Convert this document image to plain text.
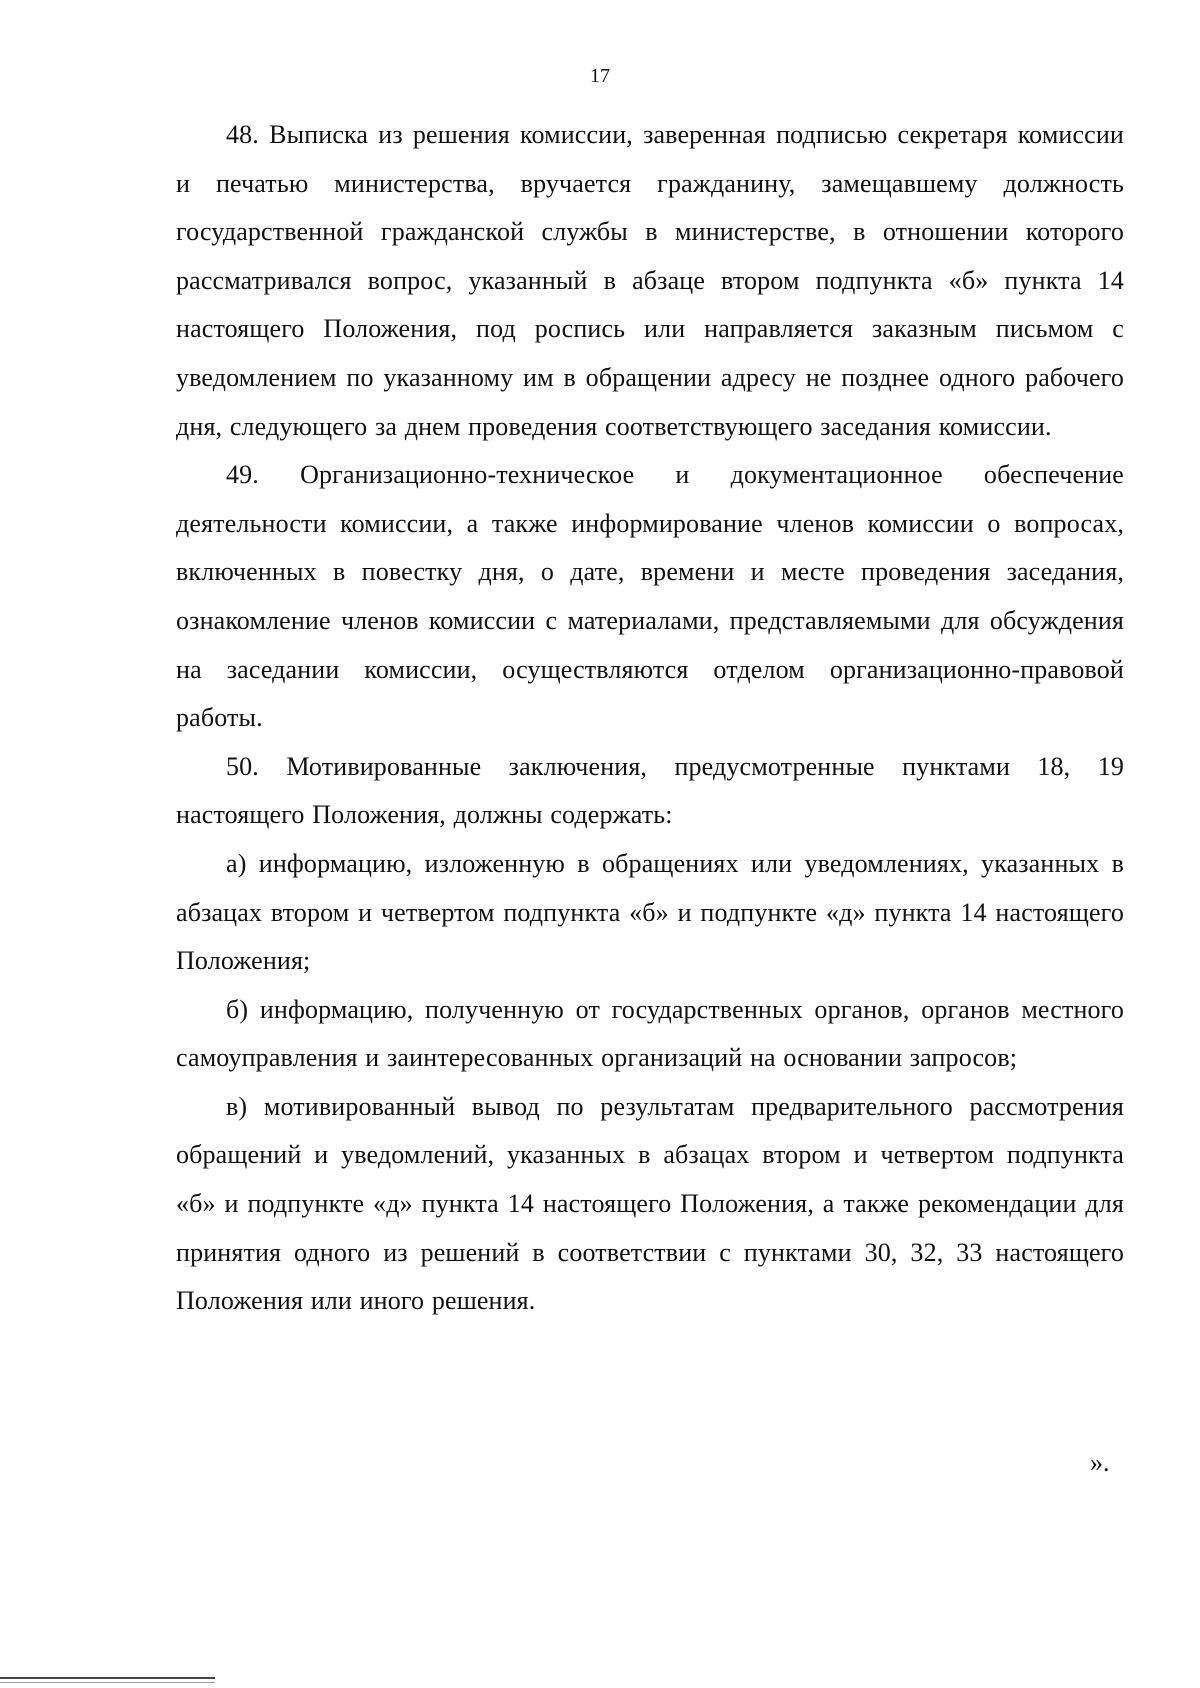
17

48. Выписка из решения комиссии, заверенная подписью секретаря комиссии и печатью министерства, вручается гражданину, замещавшему должность государственной гражданской службы в министерстве, в отношении которого рассматривался вопрос, указанный в абзаце втором подпункта «б» пункта 14 настоящего Положения, под роспись или направляется заказным письмом с уведомлением по указанному им в обращении адресу не позднее одного рабочего дня, следующего за днем проведения соответствующего заседания комиссии.

49. Организационно-техническое и документационное обеспечение деятельности комиссии, а также информирование членов комиссии о вопросах, включенных в повестку дня, о дате, времени и месте проведения заседания, ознакомление членов комиссии с материалами, представляемыми для обсуждения на заседании комиссии, осуществляются отделом организационно-правовой работы.

50. Мотивированные заключения, предусмотренные пунктами 18, 19 настоящего Положения, должны содержать:

а) информацию, изложенную в обращениях или уведомлениях, указанных в абзацах втором и четвертом подпункта «б» и подпункте «д» пункта 14 настоящего Положения;

б) информацию, полученную от государственных органов, органов местного самоуправления и заинтересованных организаций на основании запросов;

в) мотивированный вывод по результатам предварительного рассмотрения обращений и уведомлений, указанных в абзацах втором и четвертом подпункта «б» и подпункте «д» пункта 14 настоящего Положения, а также рекомендации для принятия одного из решений в соответствии с пунктами 30, 32, 33 настоящего Положения или иного решения.

».
